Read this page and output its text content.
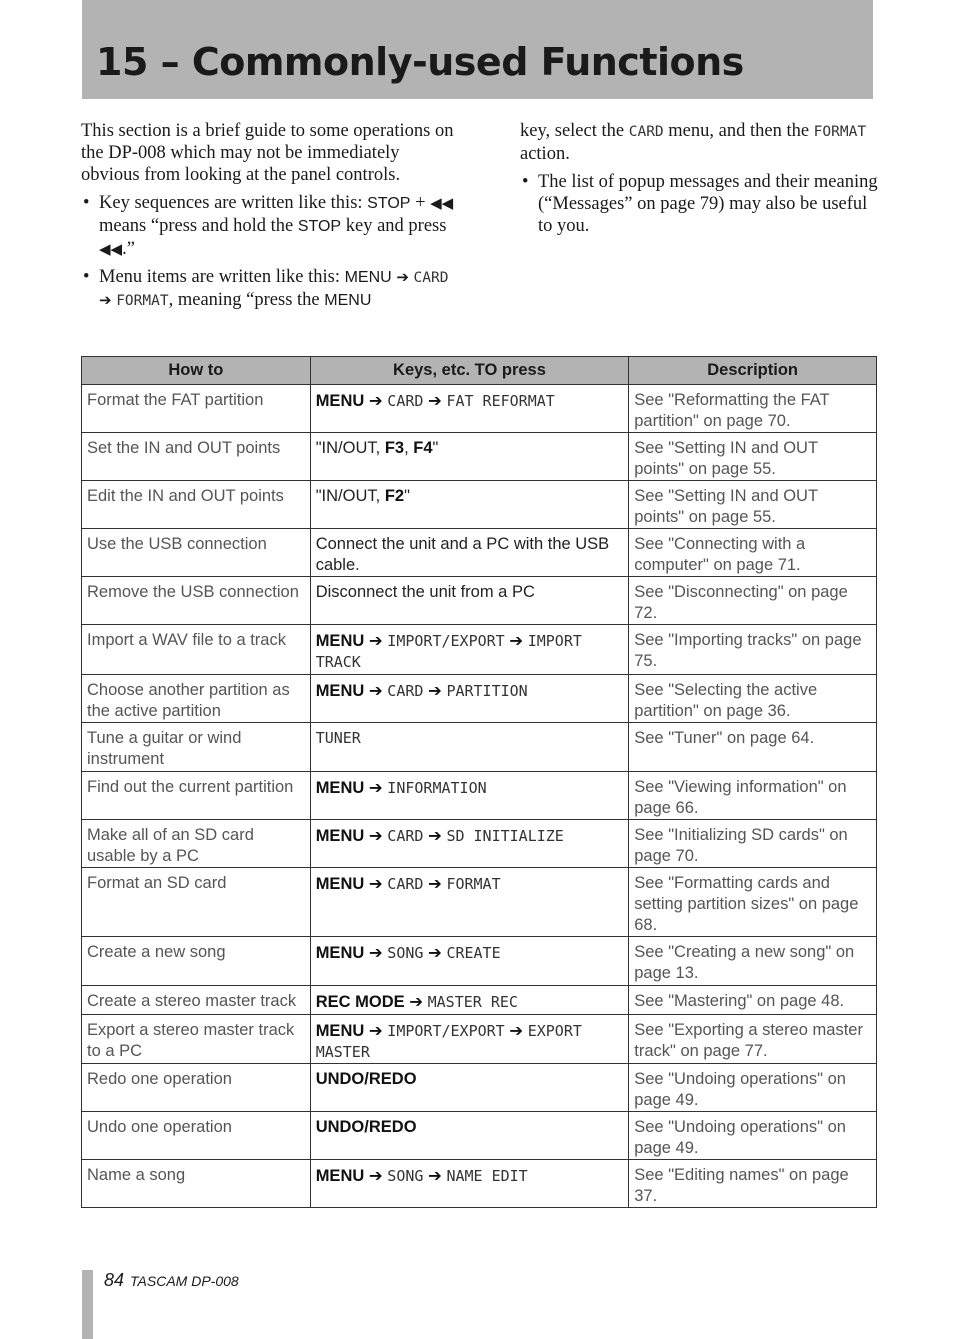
15 – Commonly-used Functions

This section is a brief guide to some operations on the DP-008 which may not be immediately obvious from looking at the panel controls.

• Key sequences are written like this: STOP + ◀◀ means “press and hold the STOP key and press ◀◀.”
• Menu items are written like this: MENU ➔ CARD ➔ FORMAT, meaning “press the MENU

key, select the CARD menu, and then the FORMAT action.

• The list of popup messages and their meaning (“Messages” on page 79) may also be useful to you.
How to	Keys, etc. TO press	Description
Format the FAT partition	MENU ➔ CARD ➔ FAT REFORMAT	See "Reformatting the FAT partition" on page 70.
Set the IN and OUT points	"IN/OUT, F3, F4"	See "Setting IN and OUT points" on page 55.
Edit the IN and OUT points	"IN/OUT, F2"	See "Setting IN and OUT points" on page 55.
Use the USB connection	Connect the unit and a PC with the USB cable.	See "Connecting with a computer" on page 71.
Remove the USB connection	Disconnect the unit from a PC	See "Disconnecting" on page 72.
Import a WAV file to a track	MENU ➔ IMPORT/EXPORT ➔ IMPORT TRACK	See "Importing tracks" on page 75.
Choose another partition as the active partition	MENU ➔ CARD ➔ PARTITION	See "Selecting the active partition" on page 36.
Tune a guitar or wind instrument	TUNER	See "Tuner" on page 64.
Find out the current partition	MENU ➔ INFORMATION	See "Viewing information" on page 66.
Make all of an SD card usable by a PC	MENU ➔ CARD ➔ SD INITIALIZE	See "Initializing SD cards" on page 70.
Format an SD card	MENU ➔ CARD ➔ FORMAT	See "Formatting cards and setting partition sizes" on page 68.
Create a new song	MENU ➔ SONG ➔ CREATE	See "Creating a new song" on page 13.
Create a stereo master track	REC MODE ➔ MASTER REC	See "Mastering" on page 48.
Export a stereo master track to a PC	MENU ➔ IMPORT/EXPORT ➔ EXPORT MASTER	See "Exporting a stereo master track" on page 77.
Redo one operation	UNDO/REDO	See "Undoing operations" on page 49.
Undo one operation	UNDO/REDO	See "Undoing operations" on page 49.
Name a song	MENU ➔ SONG ➔ NAME EDIT	See "Editing names" on page 37.
84 TASCAM DP-008
